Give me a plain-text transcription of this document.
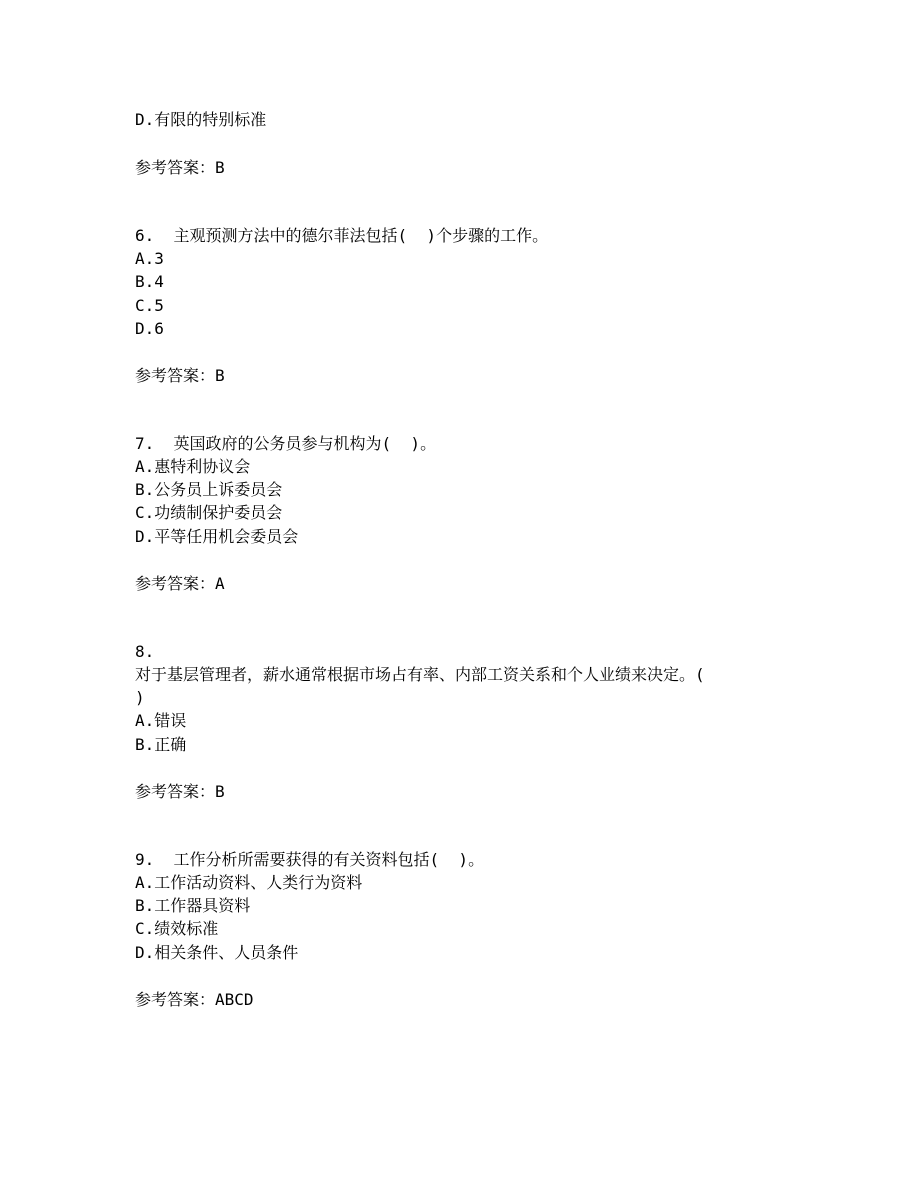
D.有限的特别标准
参考答案：B
6.  主观预测方法中的德尔菲法包括(  )个步骤的工作。
A.3
B.4
C.5
D.6
参考答案：B
7.  英国政府的公务员参与机构为(  )。
A.惠特利协议会
B.公务员上诉委员会
C.功绩制保护委员会
D.平等任用机会委员会
参考答案：A
8.
对于基层管理者，薪水通常根据市场占有率、内部工资关系和个人业绩来决定。(
)
A.错误
B.正确
参考答案：B
9.  工作分析所需要获得的有关资料包括(  )。
A.工作活动资料、人类行为资料
B.工作器具资料
C.绩效标准
D.相关条件、人员条件
参考答案：ABCD
